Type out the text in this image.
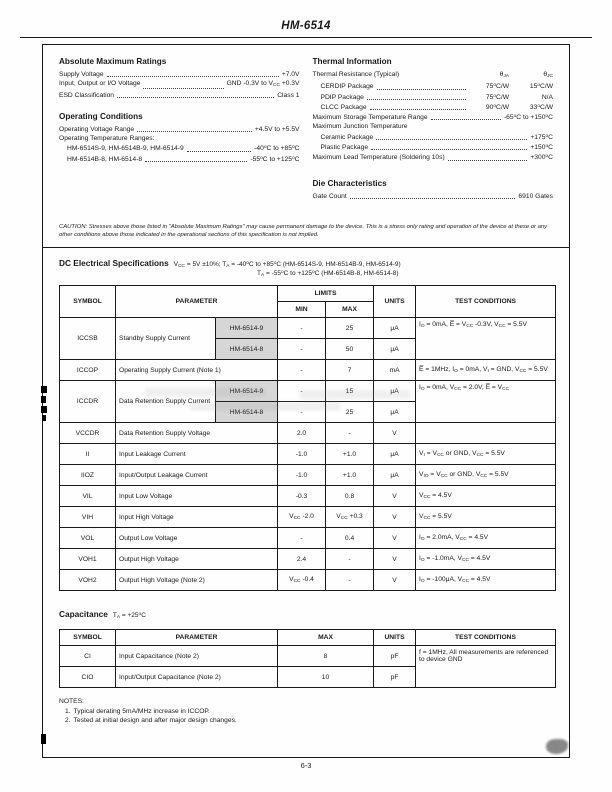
HM-6514
Absolute Maximum Ratings
Supply Voltage	+7.0V
Input, Output or I/O Voltage	GND -0.3V to $V_{CC} +0.3V$
ESD Classification	Class 1
Operating Conditions
Operating Voltage Range	+4.5V to +5.5V
Operating Temperature Ranges:
HM-6514S-9, HM-6514B-9, HM-6514-9	-40$^o$C to $+85^oC$
HM-6514B-8, HM-6514-8	-55$^o$C to $+125^oC$
Thermal Information
Thermal Resistance (Typical)	$\theta_{JA}$	$\theta_{JC}$
CERDIP Package	75$^o$C/W	15$^o$C/W
PDIP Package	75$^o$C/W	N/A
CLCC Package	90$^o$C/W	33$^o$C/W
Maximum Storage Temperature Range	-65$^o$C to $+150^oC$
Maximum Junction Temperature
Ceramic Package	$+175^oC$
Plastic Package	$+150^oC$
Maximum Lead Temperature (Soldering 10s)	$+300^oC$
Die Characteristics
Gate Count	6910 Gates
CAUTION: Stresses above those listed in "Absolute Maximum Ratings" may cause permanent damage to the device. This is a stress only rating and operation of the device at these or any other conditions above those indicated in the operational sections of this specification is not implied.
DC Electrical Specifications $V_{CC} = 5V \pm 10\%$; $T_A = -40^oC$ to $+85^oC$ (HM-6514S-9, HM-6514B-9, HM-6514-9)
$T_A = -55^oC$ to $+125^oC$ (HM-6514B-8, HM-6514-8)
SYMBOL	PARAMETER		LIMITS		UNITS	TEST CONDITIONS
			MIN	MAX		
ICCSB	Standby Supply Current	HM-6514-9	-	25	μA	$I_O = 0mA$, E̅ = $V_{CC}$ -0.3V, $V_{CC} = 5.5V$
		HM-6514-8	-	50	μA	
ICCOP	Operating Supply Current (Note 1)		-	7	mA	E̅ = 1MHz, $I_O = 0mA$, $V_I$ = GND, $V_{CC} = 5.5V$
ICCDR	Data Retention Supply Current	HM-6514-9	-	15	μA	$I_O = 0mA$, $V_{CC} = 2.0V$, E̅ = $V_{CC}$
		HM-6514-8	-	25	μA	
VCCDR	Data Retention Supply Voltage		2.0	-	V	
II	Input Leakage Current		-1.0	+1.0	μA	$V_I = V_{CC}$ or GND, $V_{CC} = 5.5V$
IIOZ	Input/Output Leakage Current		-1.0	+1.0	μA	$V_{IO} = V_{CC}$ or GND, $V_{CC} = 5.5V$
VIL	Input Low Voltage		-0.3	0.8	V	$V_{CC} = 4.5V$
VIH	Input High Voltage		$V_{CC}$ -2.0	$V_{CC} +0.3$	V	$V_{CC} = 5.5V$
VOL	Output Low Voltage		-	0.4	V	$I_O = 2.0mA$, $V_{CC} = 4.5V$
VOH1	Output High Voltage		2.4	-	V	$I_O = -1.0mA$, $V_{CC} = 4.5V$
VOH2	Output High Voltage (Note 2)		$V_{CC}$ -0.4	-	V	$I_O = -100\mu A$, $V_{CC} = 4.5V$
Capacitance $T_A = +25^oC$
SYMBOL	PARAMETER	MAX	UNITS	TEST CONDITIONS
CI	Input Capacitance (Note 2)	8	pF	f = 1MHz, All measurements are referenced to device GND
CIO	Input/Output Capacitance (Note 2)	10	pF	
NOTES:
1. Typical derating 5mA/MHz increase in ICCOP.
2. Tested at initial design and after major design changes.
6-3
